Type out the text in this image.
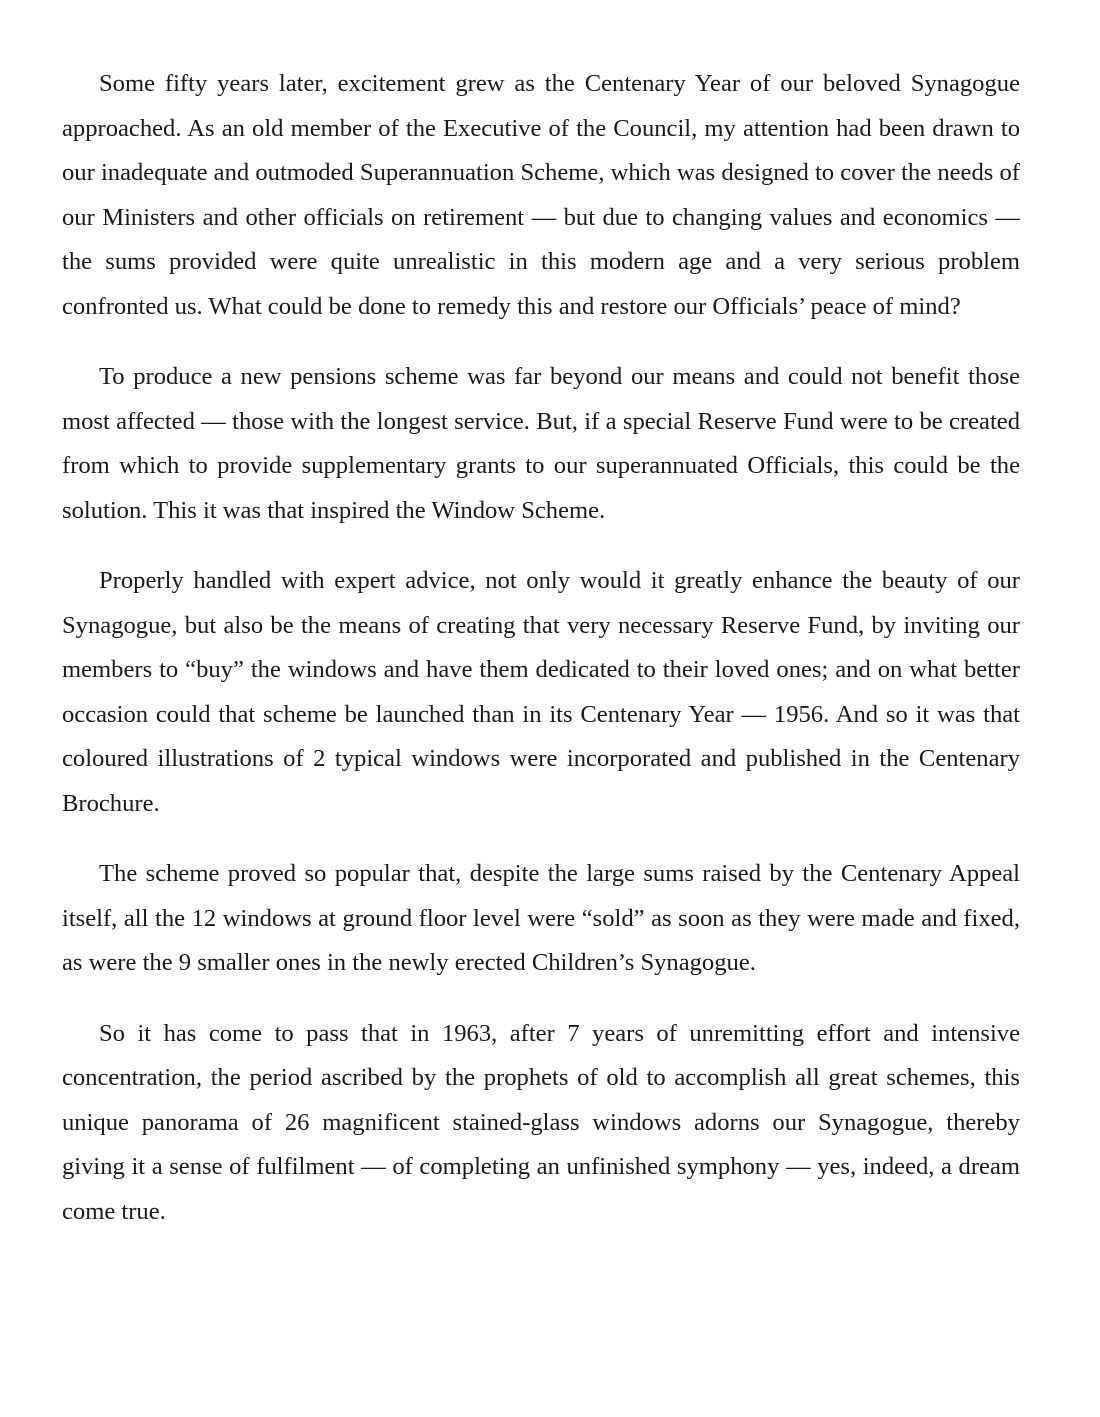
Some fifty years later, excitement grew as the Centenary Year of our beloved Synagogue approached. As an old member of the Executive of the Council, my attention had been drawn to our inadequate and outmoded Superannuation Scheme, which was designed to cover the needs of our Ministers and other officials on retirement — but due to changing values and economics — the sums provided were quite unrealistic in this modern age and a very serious problem confronted us. What could be done to remedy this and restore our Officials’ peace of mind?

To produce a new pensions scheme was far beyond our means and could not benefit those most affected — those with the longest service. But, if a special Reserve Fund were to be created from which to provide supplementary grants to our superannuated Officials, this could be the solution. This it was that inspired the Window Scheme.

Properly handled with expert advice, not only would it greatly enhance the beauty of our Synagogue, but also be the means of creating that very necessary Reserve Fund, by inviting our members to “buy” the windows and have them dedicated to their loved ones; and on what better occasion could that scheme be launched than in its Centenary Year — 1956. And so it was that coloured illustrations of 2 typical windows were incorporated and published in the Centenary Brochure.

The scheme proved so popular that, despite the large sums raised by the Centenary Appeal itself, all the 12 windows at ground floor level were “sold” as soon as they were made and fixed, as were the 9 smaller ones in the newly erected Children’s Synagogue.

So it has come to pass that in 1963, after 7 years of unremitting effort and intensive concentration, the period ascribed by the prophets of old to accomplish all great schemes, this unique panorama of 26 magnificent stained-glass windows adorns our Synagogue, thereby giving it a sense of fulfilment — of completing an unfinished symphony — yes, indeed, a dream come true.
